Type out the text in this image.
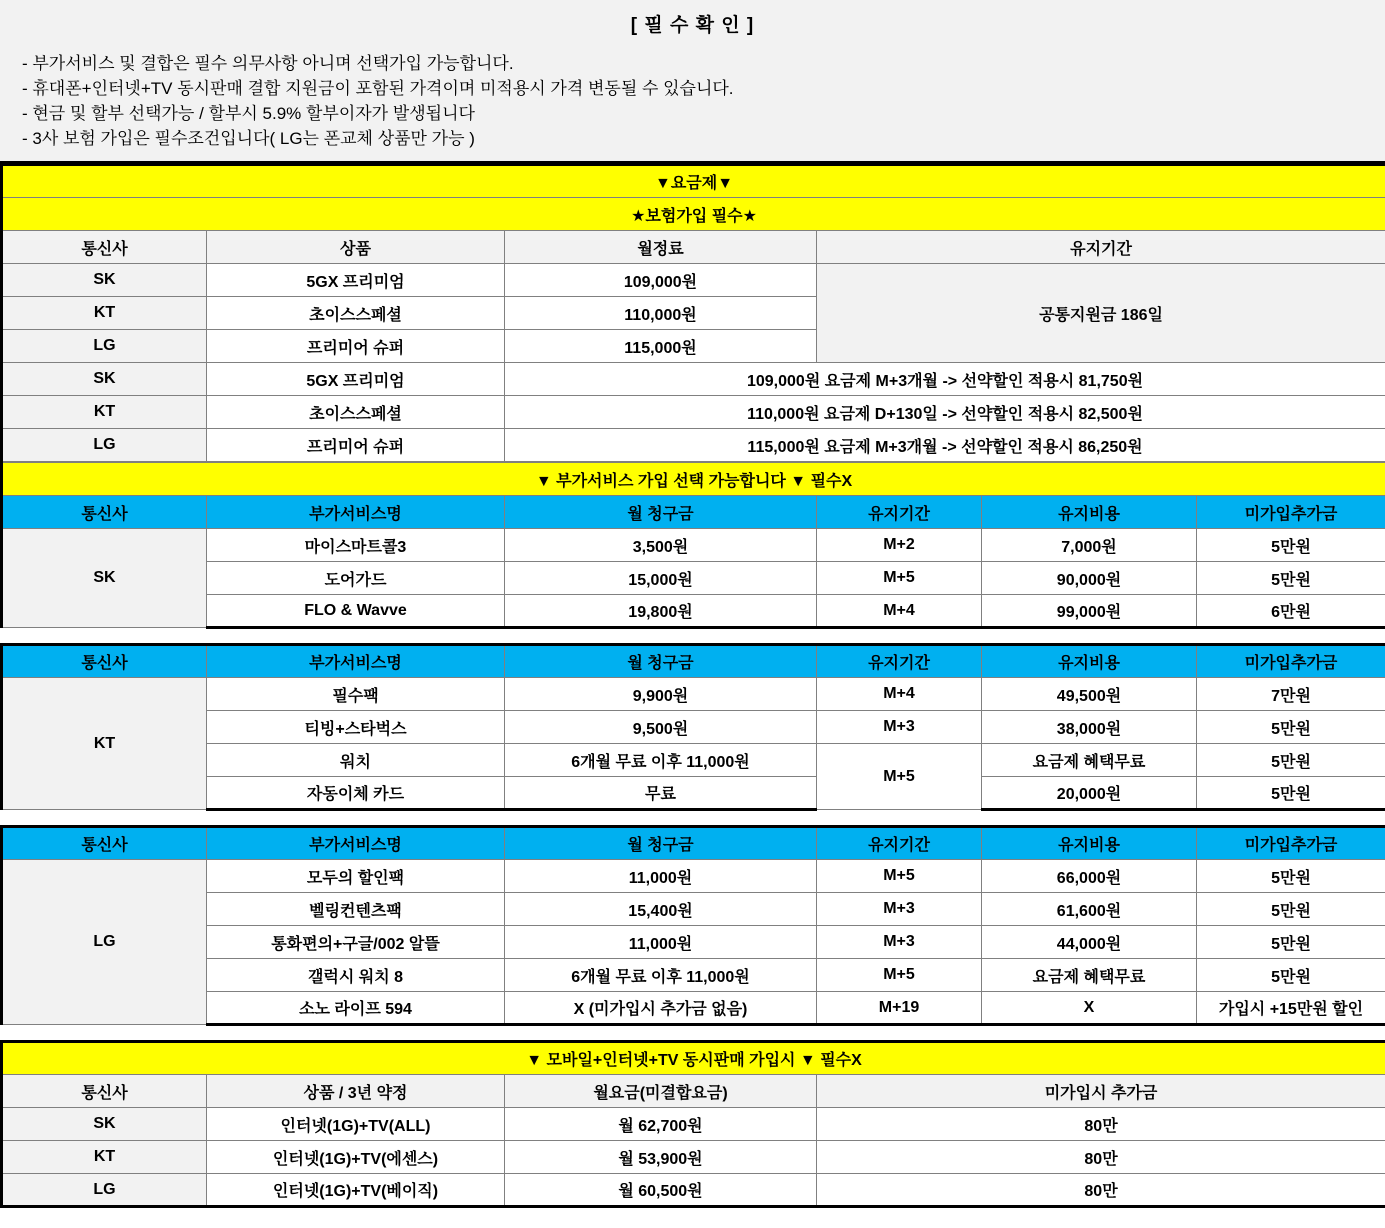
[ 필 수 확 인 ]
- 부가서비스 및 결합은 필수 의무사항 아니며 선택가입 가능합니다.
- 휴대폰+인터넷+TV 동시판매 결합 지원금이 포함된 가격이며 미적용시 가격 변동될 수 있습니다.
- 현금 및 할부 선택가능 / 할부시 5.9% 할부이자가 발생됩니다
- 3사 보험 가입은 필수조건입니다( LG는 폰교체 상품만 가능 )
▼요금제▼			
★보험가입 필수★			
통신사	상품	월정료	유지기간
SK	5GX 프리미엄	109,000원	공통지원금 186일
KT	초이스스페셜	110,000원	
LG	프리미어 슈퍼	115,000원	
SK	5GX 프리미엄	109,000원 요금제 M+3개월 -> 선약할인 적용시 81,750원	
KT	초이스스페셜	110,000원 요금제 D+130일 -> 선약할인 적용시 82,500원	
LG	프리미어 슈퍼	115,000원 요금제 M+3개월 -> 선약할인 적용시 86,250원	
▼ 부가서비스 가입 선택 가능합니다 ▼ 필수X					
통신사	부가서비스명	월 청구금	유지기간	유지비용	미가입추가금
SK	마이스마트콜3	3,500원	M+2	7,000원	5만원
	도어가드	15,000원	M+5	90,000원	5만원
	FLO & Wavve	19,800원	M+4	99,000원	6만원
통신사	부가서비스명	월 청구금	유지기간	유지비용	미가입추가금
KT	필수팩	9,900원	M+4	49,500원	7만원
	티빙+스타벅스	9,500원	M+3	38,000원	5만원
	워치	6개월 무료 이후 11,000원	M+5	요금제 혜택무료	5만원
	자동이체 카드	무료		20,000원	5만원
통신사	부가서비스명	월 청구금	유지기간	유지비용	미가입추가금
LG	모두의 할인팩	11,000원	M+5	66,000원	5만원
	벨링컨텐츠팩	15,400원	M+3	61,600원	5만원
	통화편의+구글/002 알뜰	11,000원	M+3	44,000원	5만원
	갤럭시 워치 8	6개월 무료 이후 11,000원	M+5	요금제 혜택무료	5만원
	소노 라이프 594	X (미가입시 추가금 없음)	M+19	X	가입시 +15만원 할인
▼ 모바일+인터넷+TV 동시판매 가입시 ▼ 필수X			
통신사	상품 / 3년 약정	월요금(미결합요금)	미가입시 추가금
SK	인터넷(1G)+TV(ALL)	월 62,700원	80만
KT	인터넷(1G)+TV(에센스)	월 53,900원	80만
LG	인터넷(1G)+TV(베이직)	월 60,500원	80만
